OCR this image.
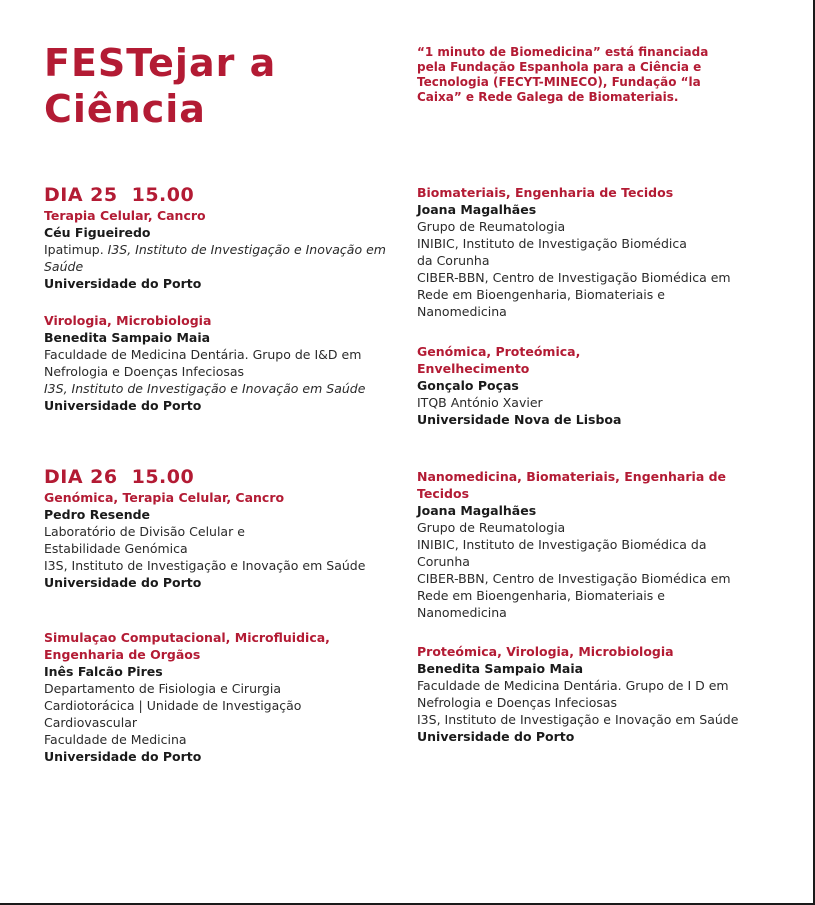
FESTejar a
Ciência

“1 minuto de Biomedicina” está financiada pela Fundação Espanhola para a Ciência e Tecnologia (FECYT-MINECO), Fundação “la Caixa” e Rede Galega de Biomateriais.

DIA 25 15.00
Terapia Celular, Cancro
Céu Figueiredo
Ipatimup. I3S, Instituto de Investigação e Inovação em Saúde
Universidade do Porto
Virologia, Microbiologia
Benedita Sampaio Maia
Faculdade de Medicina Dentária. Grupo de I&D em Nefrologia e Doenças Infeciosas
I3S, Instituto de Investigação e Inovação em Saúde
Universidade do Porto
Biomateriais, Engenharia de Tecidos
Joana Magalhães
Grupo de Reumatologia
INIBIC, Instituto de Investigação Biomédica da Corunha
CIBER-BBN, Centro de Investigação Biomédica em Rede em Bioengenharia, Biomateriais e Nanomedicina
Genómica, Proteómica, Envelhecimento
Gonçalo Poças
ITQB António Xavier
Universidade Nova de Lisboa
DIA 26 15.00
Genómica, Terapia Celular, Cancro
Pedro Resende
Laboratório de Divisão Celular e Estabilidade Genómica
I3S, Instituto de Investigação e Inovação em Saúde
Universidade do Porto
Simulaçao Computacional, Microfluidica, Engenharia de Orgãos
Inês Falcão Pires
Departamento de Fisiologia e Cirurgia Cardiotorácica | Unidade de Investigação Cardiovascular
Faculdade de Medicina
Universidade do Porto
Nanomedicina, Biomateriais, Engenharia de Tecidos
Joana Magalhães
Grupo de Reumatologia
INIBIC, Instituto de Investigação Biomédica da Corunha
CIBER-BBN, Centro de Investigação Biomédica em Rede em Bioengenharia, Biomateriais e Nanomedicina
Proteómica, Virologia, Microbiologia
Benedita Sampaio Maia
Faculdade de Medicina Dentária. Grupo de I D em Nefrologia e Doenças Infeciosas
I3S, Instituto de Investigação e Inovação em Saúde
Universidade do Porto
